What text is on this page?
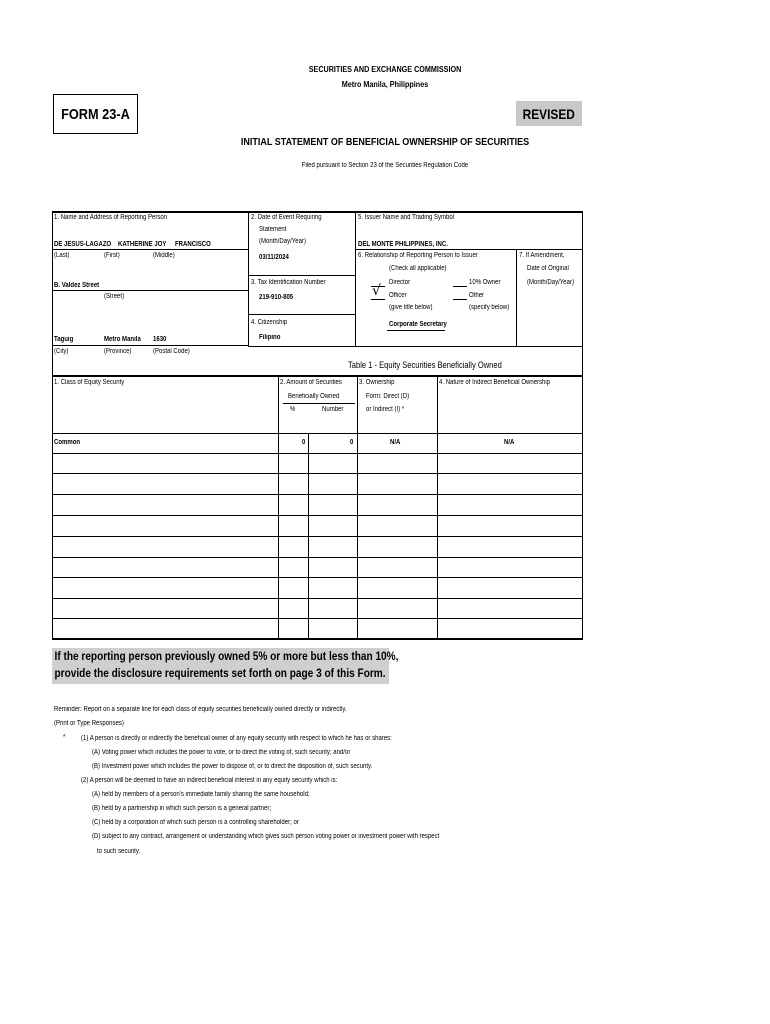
SECURITIES AND EXCHANGE COMMISSION
Metro Manila, Philippines
FORM 23-A	REVISED
INITIAL STATEMENT OF BENEFICIAL OWNERSHIP OF SECURITIES
Filed pursuant to Section 23 of the Securities Regulation Code
1. Name and Address of Reporting Person
DE JESUS-LAGAZO KATHERINE JOY FRANCISCO
(Last)	(First)	(Middle)
B. Valdez Street
(Street)
Taguig	Metro Manila 1630
(City)	(Province)	(Postal Code)
2. Date of Event Requiring
Statement
(Month/Day/Year)
03/11/2024
3. Tax Identification Number
219-910-805
4. Citizenship
Filipino
5. Issuer Name and Trading Symbol
DEL MONTE PHILIPPINES, INC.
6. Relationship of Reporting Person to Issuer
(Check all applicable)
Director
√ Officer
(give title below)
10% Owner
Other
(specify below)
Corporate Secretary
7. If Amendment,
Date of Original
(Month/Day/Year)
Table 1 - Equity Securities Beneficially Owned
1. Class of Equity Security	2. Amount of Securities
Beneficially Owned
%	Number
3. Ownership
Form: Direct (D)
or Indirect (I) *
4. Nature of Indirect Beneficial Ownership
Common	0	0	N/A	N/A
If the reporting person previously owned 5% or more but less than 10%,
provide the disclosure requirements set forth on page 3 of this Form.
Reminder: Report on a separate line for each class of equity securities beneficially owned directly or indirectly.
(Print or Type Responses)
* (1) A person is directly or indirectly the beneficial owner of any equity security with respect to which he has or shares:
(A) Voting power which includes the power to vote, or to direct the voting of, such security; and/or
(B) Investment power which includes the power to dispose of, or to direct the disposition of, such security.
(2) A person will be deemed to have an indirect beneficial interest in any equity security which is:
(A) held by members of a person's immediate family sharing the same household;
(B) held by a partnership in which such person is a general partner;
(C) held by a corporation of which such person is a controlling shareholder; or
(D) subject to any contract, arrangement or understanding which gives such person voting power or investment power with respect
to such security.
